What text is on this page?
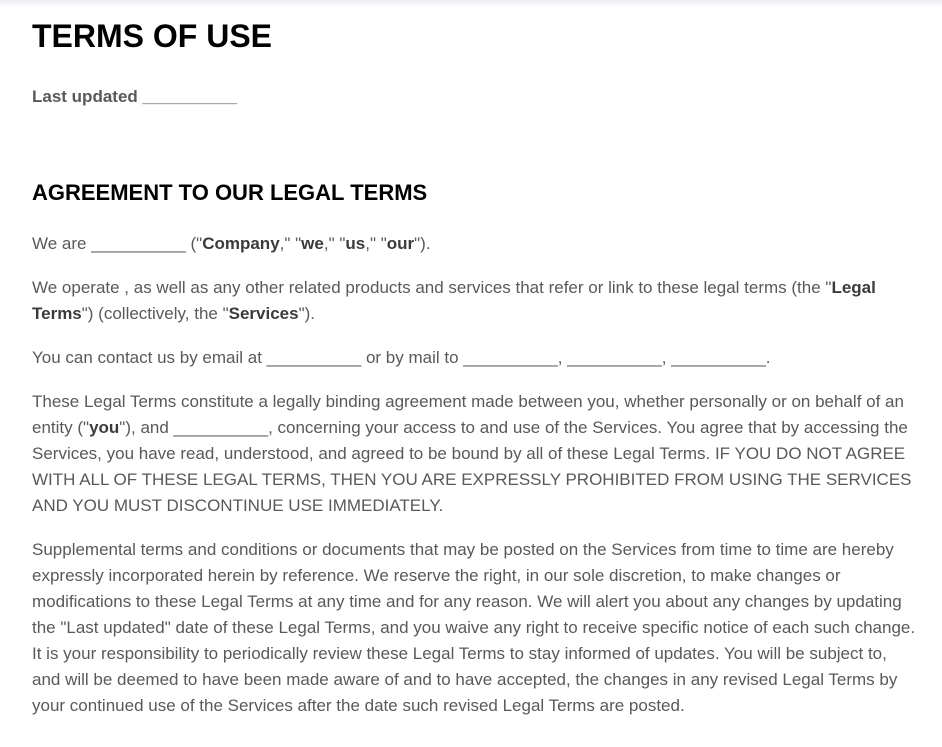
TERMS OF USE
Last updated __________
AGREEMENT TO OUR LEGAL TERMS

We are __________ ("Company," "we," "us," "our").

We operate , as well as any other related products and services that refer or link to these legal terms (the "Legal Terms") (collectively, the "Services").

You can contact us by email at __________ or by mail to __________, __________, __________.

These Legal Terms constitute a legally binding agreement made between you, whether personally or on behalf of an entity ("you"), and __________, concerning your access to and use of the Services. You agree that by accessing the Services, you have read, understood, and agreed to be bound by all of these Legal Terms. IF YOU DO NOT AGREE WITH ALL OF THESE LEGAL TERMS, THEN YOU ARE EXPRESSLY PROHIBITED FROM USING THE SERVICES AND YOU MUST DISCONTINUE USE IMMEDIATELY.

Supplemental terms and conditions or documents that may be posted on the Services from time to time are hereby expressly incorporated herein by reference. We reserve the right, in our sole discretion, to make changes or modifications to these Legal Terms at any time and for any reason. We will alert you about any changes by updating the "Last updated" date of these Legal Terms, and you waive any right to receive specific notice of each such change. It is your responsibility to periodically review these Legal Terms to stay informed of updates. You will be subject to, and will be deemed to have been made aware of and to have accepted, the changes in any revised Legal Terms by your continued use of the Services after the date such revised Legal Terms are posted.
